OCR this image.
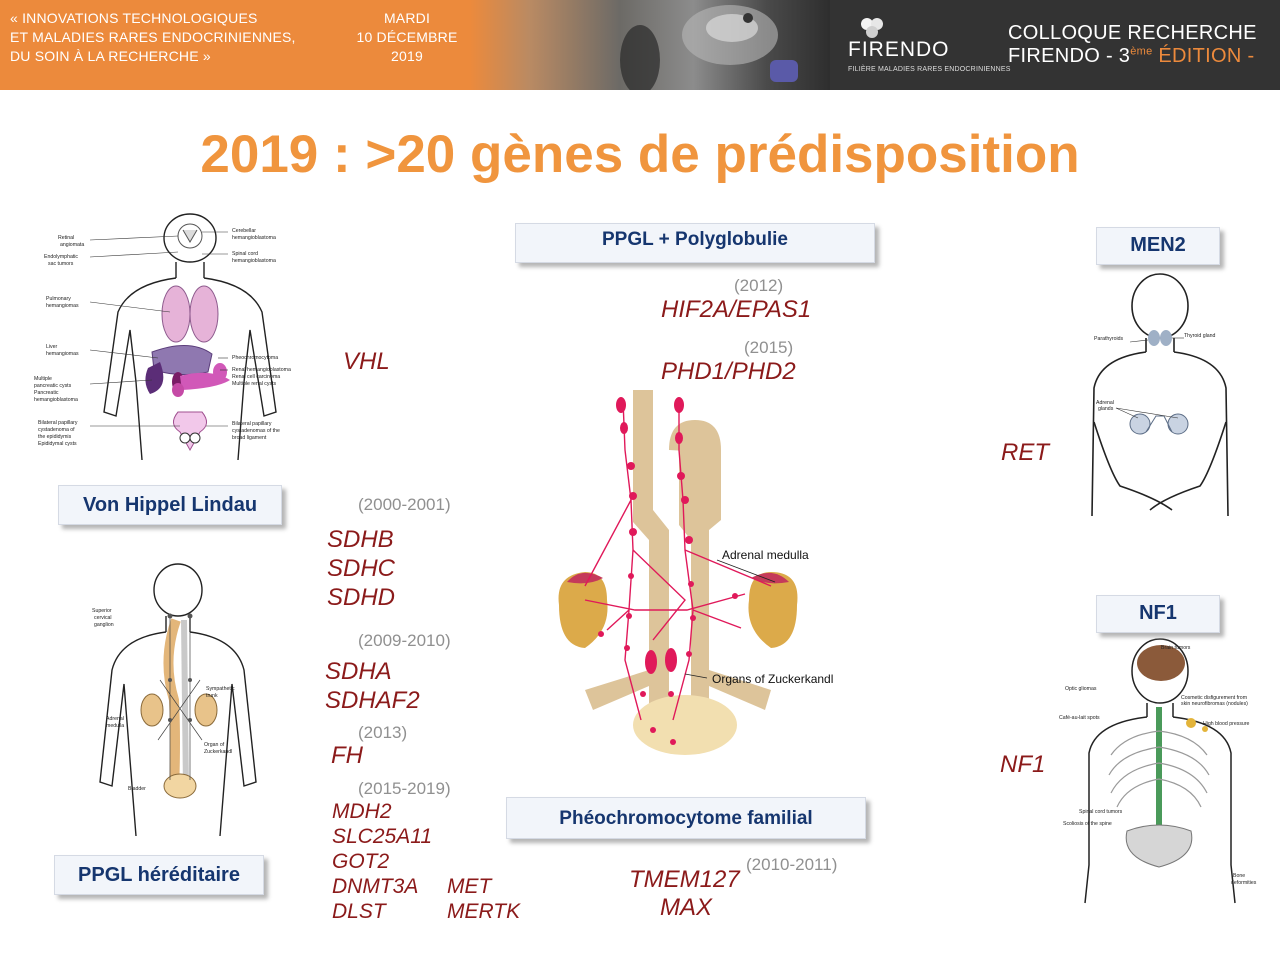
« INNOVATIONS TECHNOLOGIQUES
ET MALADIES RARES ENDOCRINIENNES,
DU SOIN À LA RECHERCHE »
MARDI
10 DÉCEMBRE
2019	FIRENDO
FILIÈRE MALADIES RARES ENDOCRINIENNES
COLLOQUE RECHERCHE
FIRENDO - 3ème ÉDITION -
2019 : >20 gènes de prédisposition
Retinal
angiomata
Endolymphatic
sac tumors
Pulmonary
hemangiomas
Liver
hemangiomas
Multiple
pancreatic cysts
Pancreatic
hemangioblastoma
Bilateral papillary
cystadenoma of
the epididymis
Epididymal cysts
Cerebellar
hemangioblastoma
Spinal cord
hemangioblastoma
Pheochromocytoma
Renal hemangioblastoma
Renal cell carcinoma
Multiple renal cysts
Bilateral papillary
cystadenomas of the
broad ligament
Superior
cervical
ganglion
Sympathetic
trunk
Adrenal
medulla
Organ of
Zuckerkandl
Bladder
Adrenal medulla
Organs of Zuckerkandl
Parathyroids	Thyroid gland
Adrenal
glands
Brain tumors
Optic gliomas
Cosmetic disfigurement from
skin neurofibromas (nodules)
Café-au-lait spots
High blood pressure
Spinal cord tumors
Scoliosis of the spine
Bone
deformities
Von Hippel Lindau
PPGL + Polyglobulie	MEN2
NF1
PPGL héréditaire
Phéochromocytome familial
VHL
(2012)
HIF2A/EPAS1
(2015)
PHD1/PHD2
RET
NF1
(2000-2001)
SDHB
SDHC
SDHD
(2009-2010)
SDHA
SDHAF2
(2013)
FH
(2015-2019)
MDH2
SLC25A11
GOT2
DNMT3A
DLST
MET
MERTK
(2010-2011)
TMEM127
MAX
